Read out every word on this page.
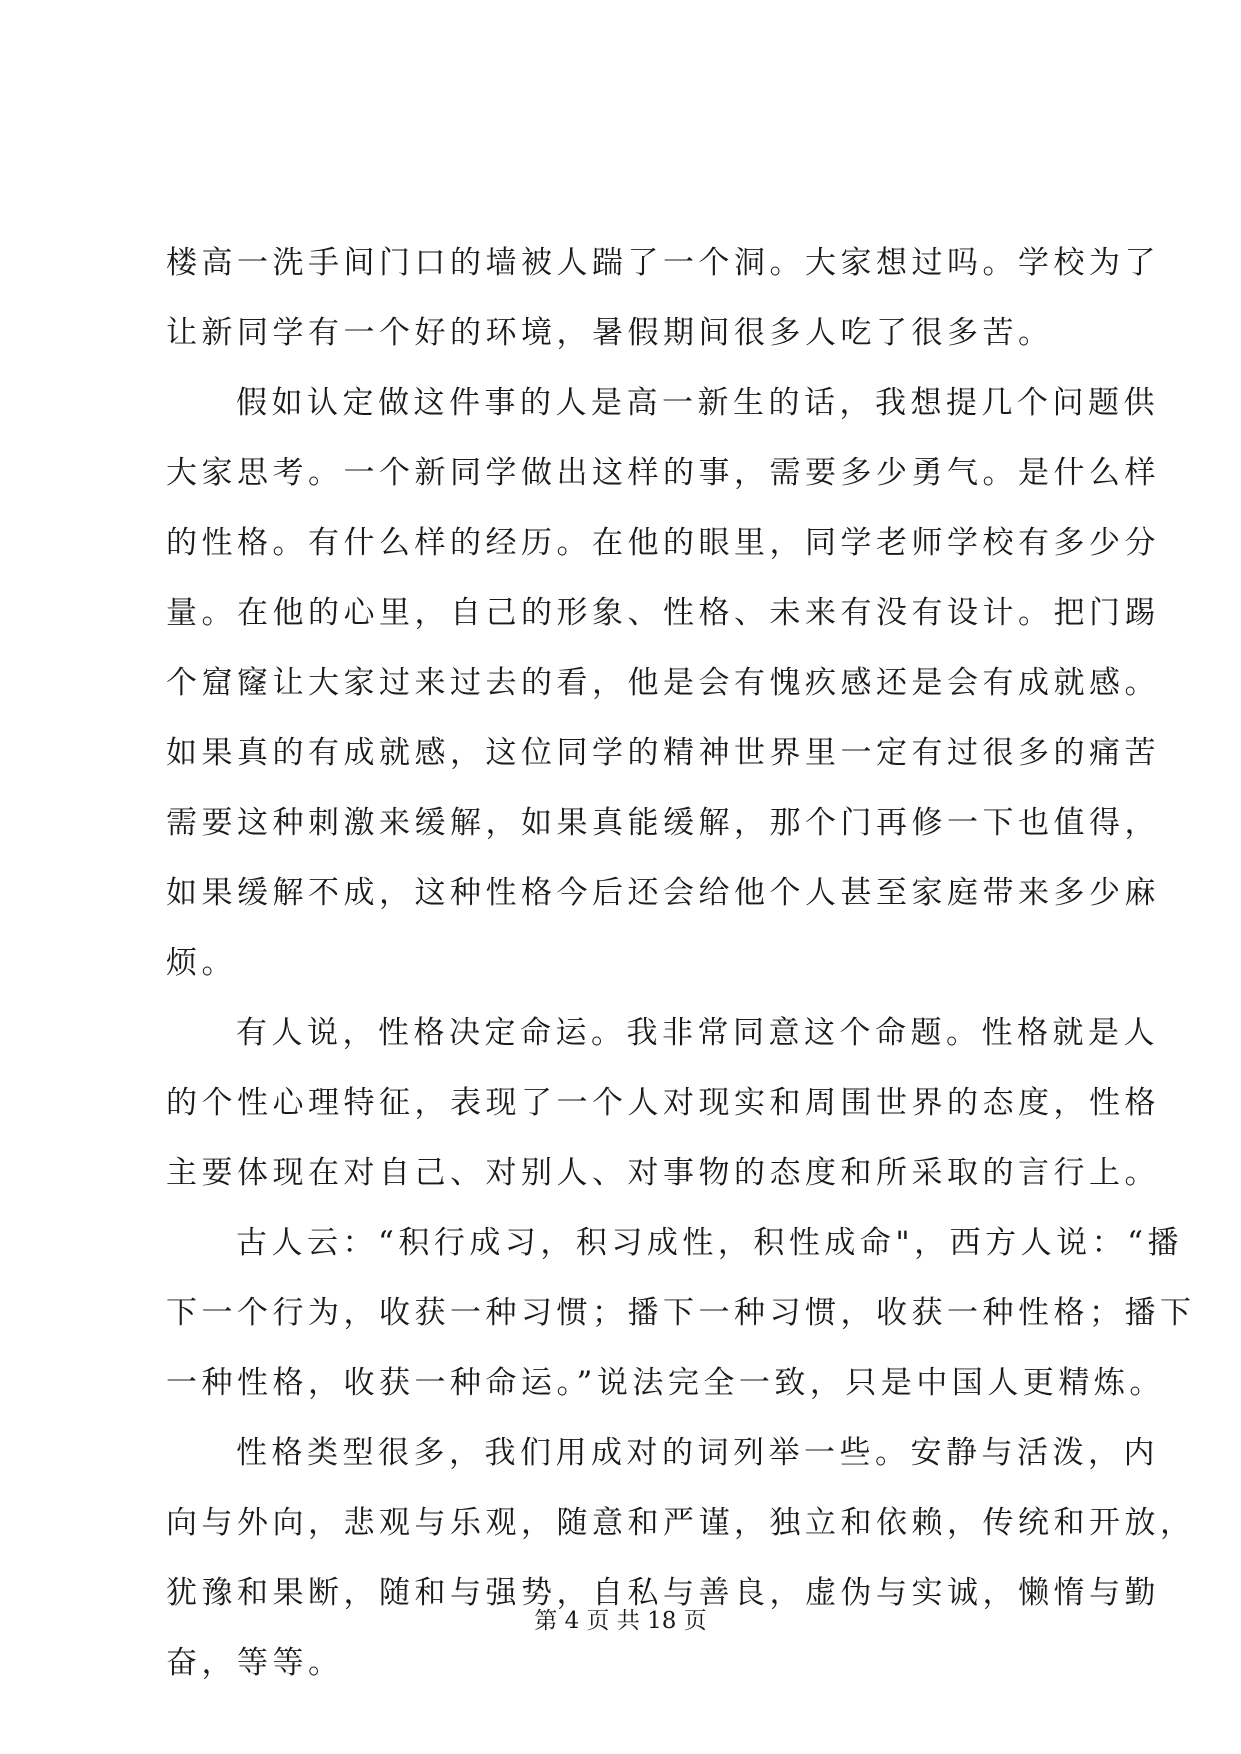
楼高一洗手间门口的墙被人踹了一个洞。大家想过吗。学校为了
让新同学有一个好的环境，暑假期间很多人吃了很多苦。
假如认定做这件事的人是高一新生的话，我想提几个问题供
大家思考。一个新同学做出这样的事，需要多少勇气。是什么样
的性格。有什么样的经历。在他的眼里，同学老师学校有多少分
量。在他的心里，自己的形象、性格、未来有没有设计。把门踢
个窟窿让大家过来过去的看，他是会有愧疚感还是会有成就感。
如果真的有成就感，这位同学的精神世界里一定有过很多的痛苦
需要这种刺激来缓解，如果真能缓解，那个门再修一下也值得，
如果缓解不成，这种性格今后还会给他个人甚至家庭带来多少麻
烦。
有人说，性格决定命运。我非常同意这个命题。性格就是人
的个性心理特征，表现了一个人对现实和周围世界的态度，性格
主要体现在对自己、对别人、对事物的态度和所采取的言行上。
古人云：“积行成习，积习成性，积性成命"，西方人说：“播
下一个行为，收获一种习惯；播下一种习惯，收获一种性格；播下
一种性格，收获一种命运。”说法完全一致，只是中国人更精炼。
性格类型很多，我们用成对的词列举一些。安静与活泼，内
向与外向，悲观与乐观，随意和严谨，独立和依赖，传统和开放，
犹豫和果断，随和与强势，自私与善良，虚伪与实诚，懒惰与勤
奋，等等。
第 4 页 共 18 页
